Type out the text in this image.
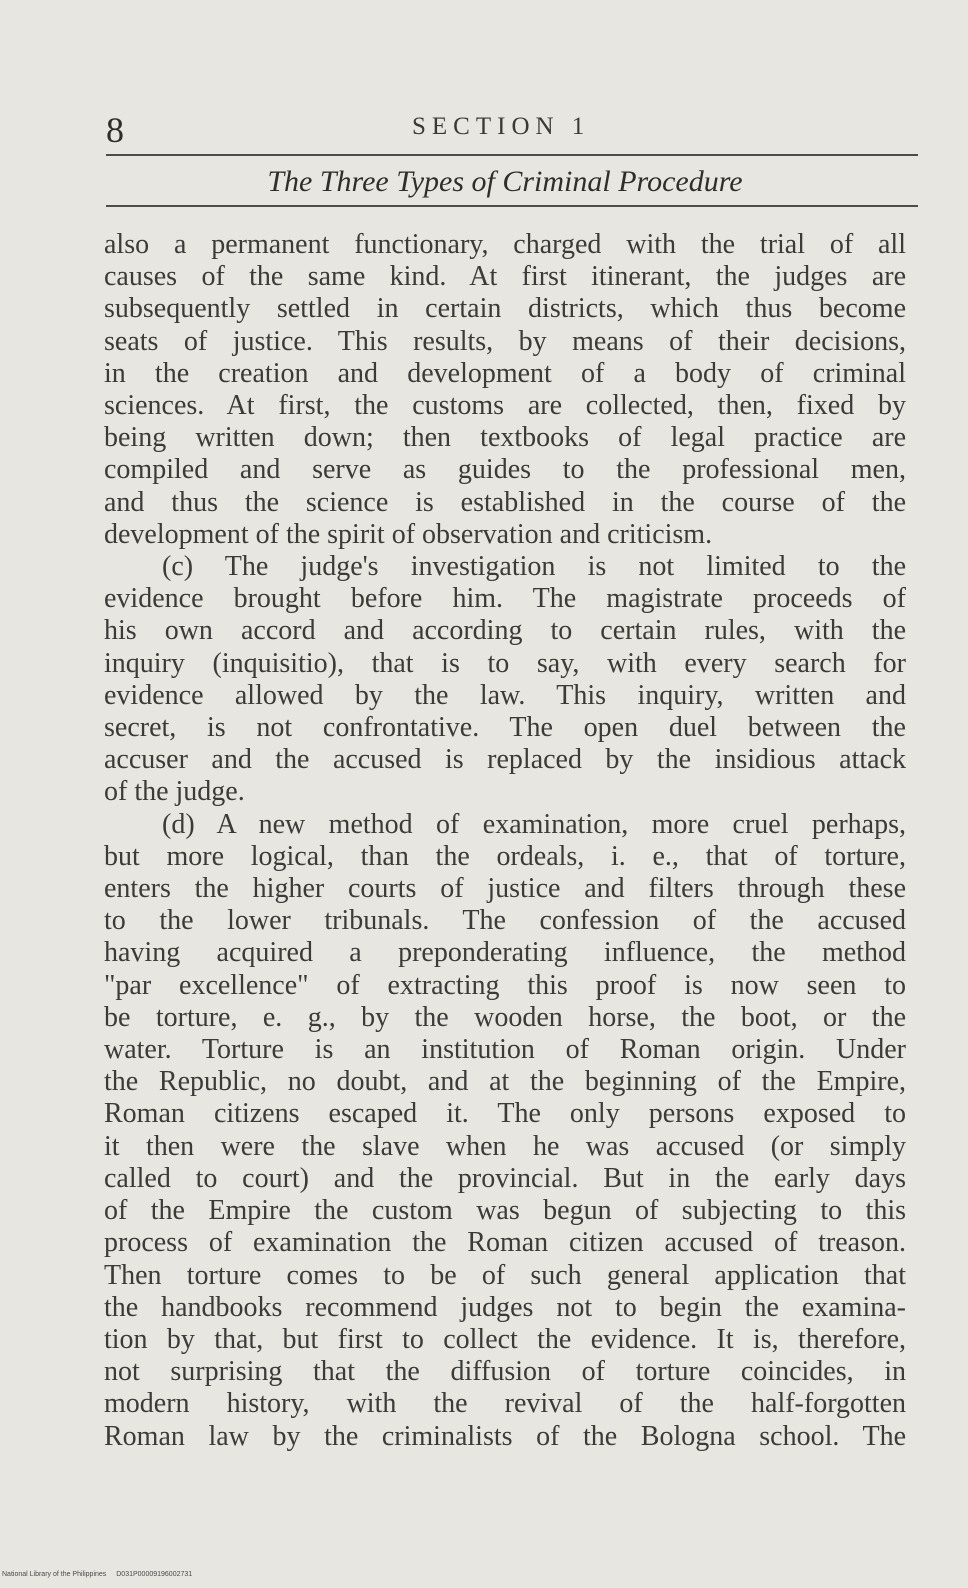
8	SECTION 1
The Three Types of Criminal Procedure
also a permanent functionary, charged with the trial of all
causes of the same kind. At first itinerant, the judges are
subsequently settled in certain districts, which thus become
seats of justice. This results, by means of their decisions,
in the creation and development of a body of criminal
sciences. At first, the customs are collected, then, fixed by
being written down; then textbooks of legal practice are
compiled and serve as guides to the professional men,
and thus the science is established in the course of the
development of the spirit of observation and criticism.
(c) The judge's investigation is not limited to the
evidence brought before him. The magistrate proceeds of
his own accord and according to certain rules, with the
inquiry (inquisitio), that is to say, with every search for
evidence allowed by the law. This inquiry, written and
secret, is not confrontative. The open duel between the
accuser and the accused is replaced by the insidious attack
of the judge.
(d) A new method of examination, more cruel perhaps,
but more logical, than the ordeals, i. e., that of torture,
enters the higher courts of justice and filters through these
to the lower tribunals. The confession of the accused
having acquired a preponderating influence, the method
"par excellence" of extracting this proof is now seen to
be torture, e. g., by the wooden horse, the boot, or the
water. Torture is an institution of Roman origin. Under
the Republic, no doubt, and at the beginning of the Empire,
Roman citizens escaped it. The only persons exposed to
it then were the slave when he was accused (or simply
called to court) and the provincial. But in the early days
of the Empire the custom was begun of subjecting to this
process of examination the Roman citizen accused of treason.
Then torture comes to be of such general application that
the handbooks recommend judges not to begin the examina-
tion by that, but first to collect the evidence. It is, therefore,
not surprising that the diffusion of torture coincides, in
modern history, with the revival of the half-forgotten
Roman law by the criminalists of the Bologna school. The
National Library of the Philippines D031P00009196002731
